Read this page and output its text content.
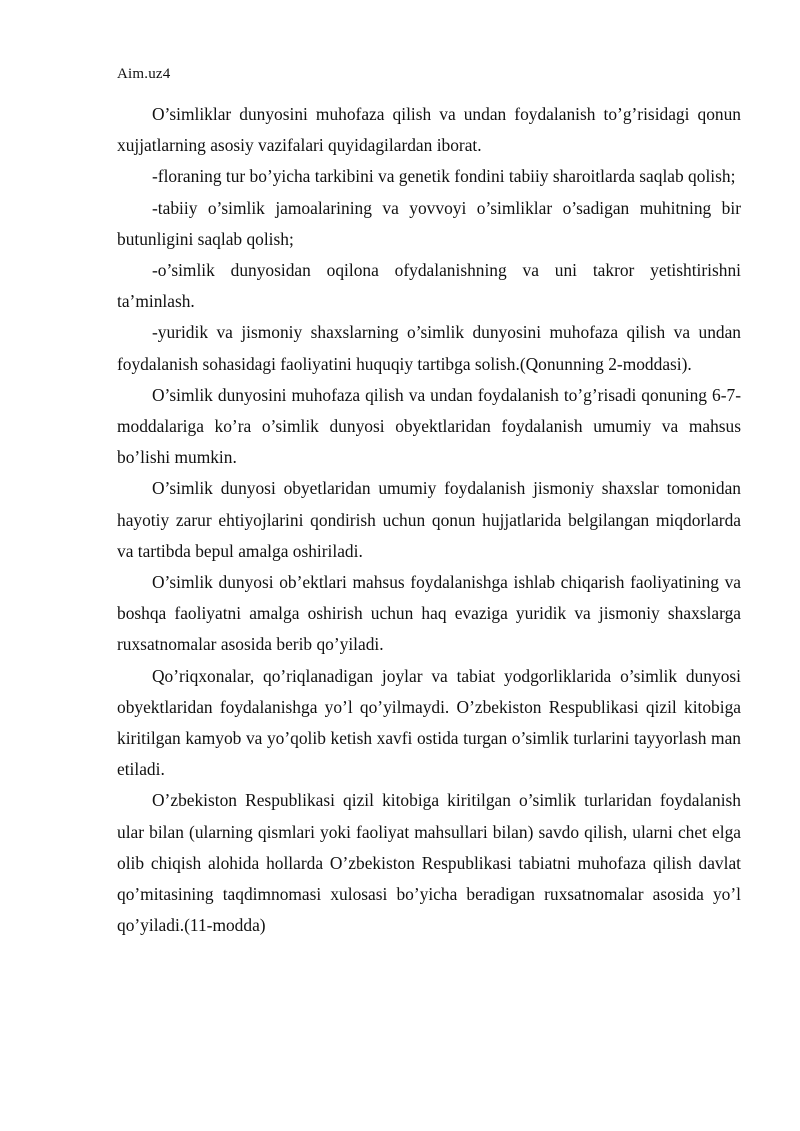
Aim.uz4

O’simliklar dunyosini muhofaza qilish va undan foydalanish to’g’risidagi qonun xujjatlarning asosiy vazifalari quyidagilardan iborat.

-floraning tur bo’yicha tarkibini va genetik fondini tabiiy sharoitlarda saqlab qolish;

-tabiiy o’simlik jamoalarining va yovvoyi o’simliklar o’sadigan muhitning bir butunligini saqlab qolish;

-o’simlik dunyosidan oqilona ofydalanishning va uni takror yetishtirishni ta’minlash.

-yuridik va jismoniy shaxslarning o’simlik dunyosini muhofaza qilish va undan foydalanish sohasidagi faoliyatini huquqiy tartibga solish.(Qonunning 2-moddasi).

O’simlik dunyosini muhofaza qilish va undan foydalanish to’g’risadi qonuning 6-7-moddalariga ko’ra o’simlik dunyosi obyektlaridan foydalanish umumiy va mahsus bo’lishi mumkin.

O’simlik dunyosi obyetlaridan umumiy foydalanish jismoniy shaxslar tomonidan hayotiy zarur ehtiyojlarini qondirish uchun qonun hujjatlarida belgilangan miqdorlarda va tartibda bepul amalga oshiriladi.

O’simlik dunyosi ob’ektlari mahsus foydalanishga ishlab chiqarish faoliyatining va boshqa faoliyatni amalga oshirish uchun haq evaziga yuridik va jismoniy shaxslarga ruxsatnomalar asosida berib qo’yiladi.

Qo’riqxonalar, qo’riqlanadigan joylar va tabiat yodgorliklarida o’simlik dunyosi obyektlaridan foydalanishga yo’l qo’yilmaydi. O’zbekiston Respublikasi qizil kitobiga kiritilgan kamyob va yo’qolib ketish xavfi ostida turgan o’simlik turlarini tayyorlash man etiladi.

O’zbekiston Respublikasi qizil kitobiga kiritilgan o’simlik turlaridan foydalanish ular bilan (ularning qismlari yoki faoliyat mahsullari bilan) savdo qilish, ularni chet elga olib chiqish alohida hollarda O’zbekiston Respublikasi tabiatni muhofaza qilish davlat qo’mitasining taqdimnomasi xulosasi bo’yicha beradigan ruxsatnomalar asosida yo’l qo’yiladi.(11-modda)
